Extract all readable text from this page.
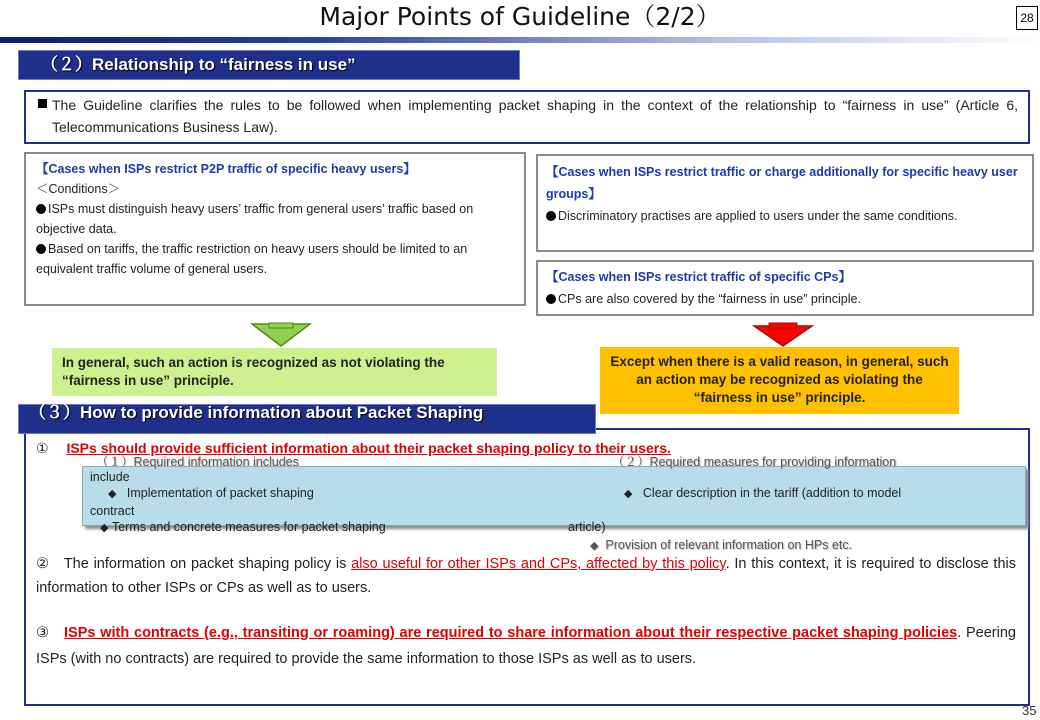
Major Points of Guideline（2/2）	28
（２）Relationship to “fairness in use”
The Guideline clarifies the rules to be followed when implementing packet shaping in the context of the relationship to “fairness in use” (Article 6, Telecommunications Business Law).
【Cases when ISPs restrict P2P traffic of specific heavy users】
＜Conditions＞
ISPs must distinguish heavy users’ traffic from general users’ traffic based on objective data.
Based on tariffs, the traffic restriction on heavy users should be limited to an equivalent traffic volume of general users.
【Cases when ISPs restrict traffic or charge additionally for specific heavy user groups】
Discriminatory practises are applied to users under the same conditions.
【Cases when ISPs restrict traffic of specific CPs】
CPs are also covered by the “fairness in use” principle.
In general, such an action is recognized as not violating the “fairness in use” principle.
Except when there is a valid reason, in general, such an action may be recognized as violating the “fairness in use” principle.
（３）How to provide information about Packet Shaping
① ISPs should provide sufficient information about their packet shaping policy to their users.
（１）Required information includes
include
◆ Implementation of packet shaping
contract
◆ Terms and concrete measures for packet shaping
（２）Required measures for providing information
◆ Clear description in the tariff (addition to model
article)
◆ Provision of relevant information on HPs etc.
② The information on packet shaping policy is also useful for other ISPs and CPs, affected by this policy. In this context, it is required to disclose this information to other ISPs or CPs as well as to users.
③ ISPs with contracts (e.g., transiting or roaming) are required to share information about their respective packet shaping policies. Peering ISPs (with no contracts) are required to provide the same information to those ISPs as well as to users.
35
